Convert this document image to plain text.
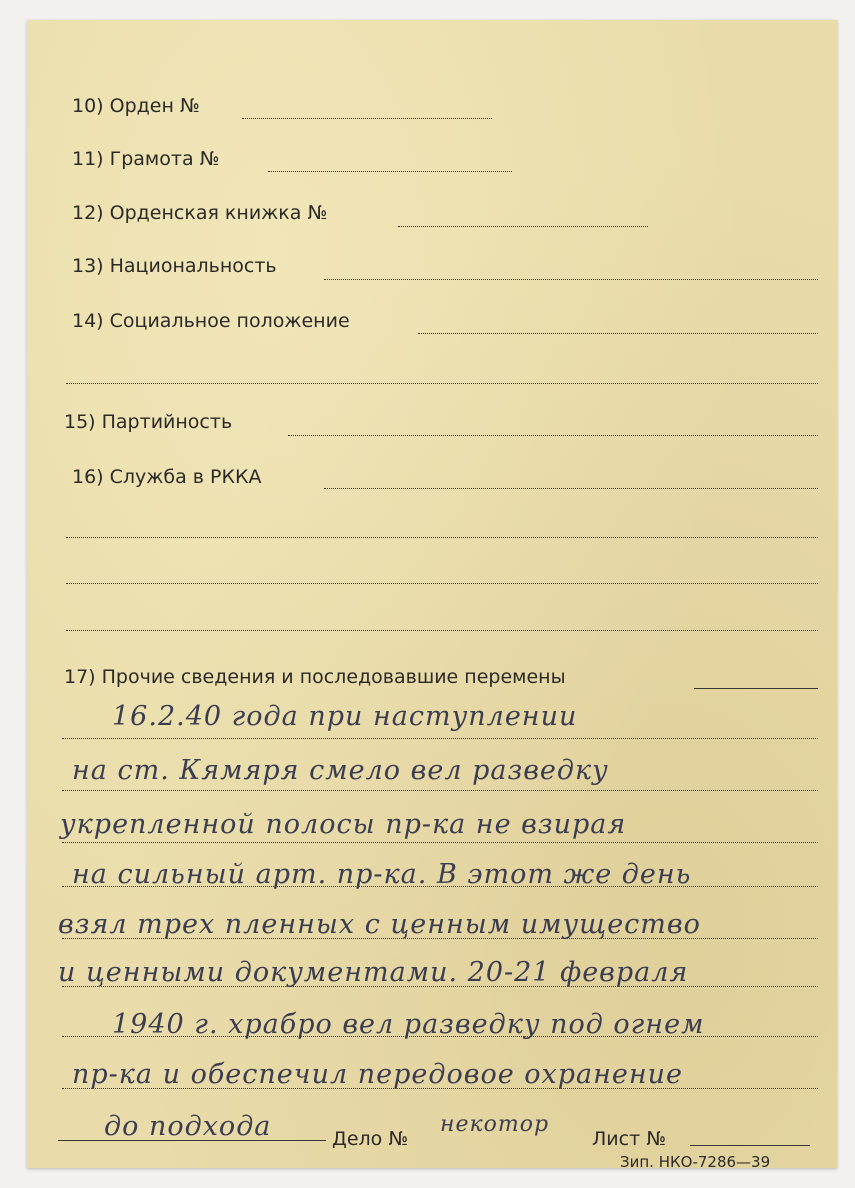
10) Орден №
11) Грамота №
12) Орденская книжка №
13) Национальность
14) Социальное положение
15) Партийность
16) Служба в РККА
17) Прочие сведения и последовавшие перемены
16.2.40 года при наступлении
на ст. Кямяря смело вел разведку
укрепленной полосы пр-ка не взирая
на сильный арт. пр-ка. В этот же день
взял трех пленных с ценным имущество
и ценными документами. 20-21 февраля
1940 г. храбро вел разведку под огнем
пр-ка и обеспечил передовое охранение
до подхода	Дело №
некотор
Лист №
Зип. НКО-7286—39
